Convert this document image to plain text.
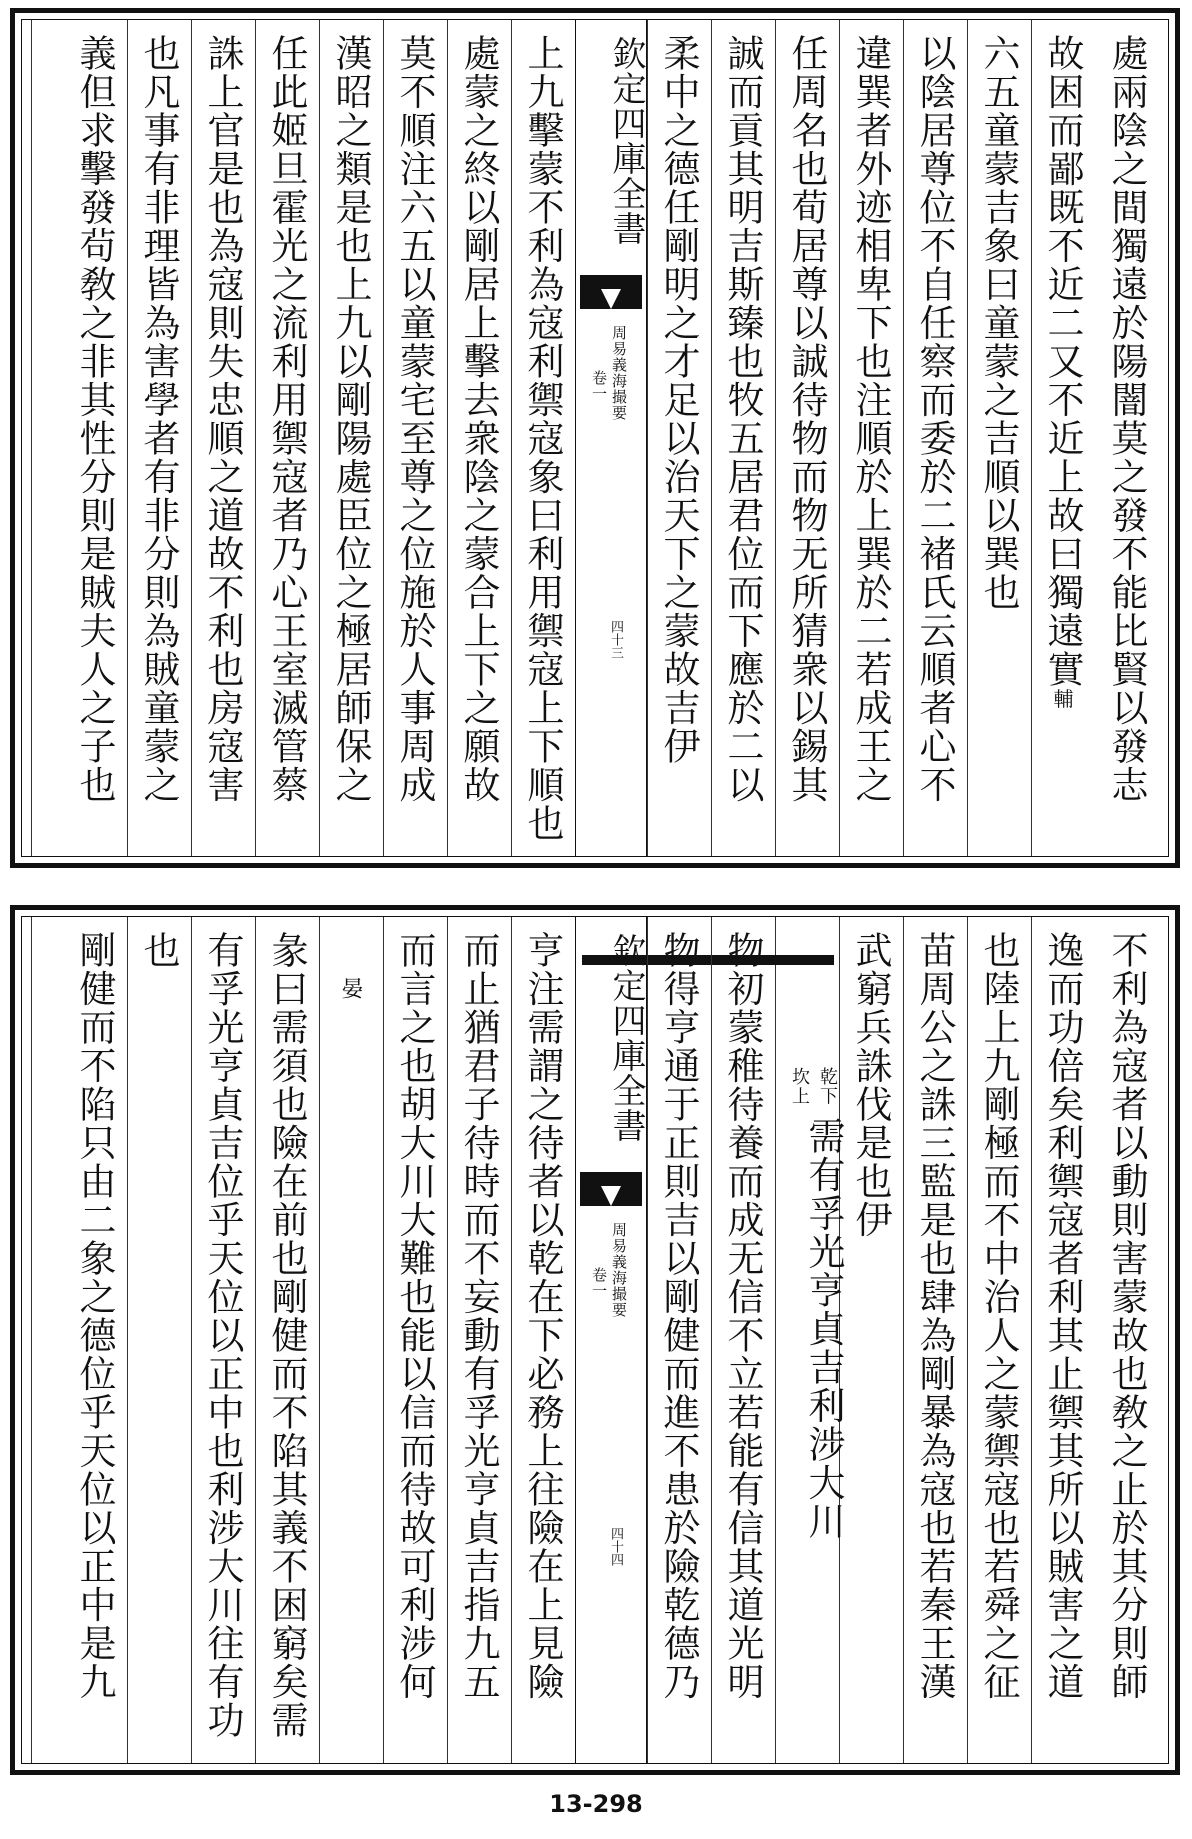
處兩陰之間獨遠於陽闇莫之發不能比賢以發志
故困而鄙既不近二又不近上故曰獨遠實輔
六五童蒙吉象曰童蒙之吉順以巽也
以陰居尊位不自任察而委於二褚氏云順者心不
違巽者外迹相卑下也注順於上巽於二若成王之
任周名也荀居尊以誠待物而物无所猜衆以錫其
誠而貢其明吉斯臻也牧五居君位而下應於二以
柔中之德任剛明之才足以治天下之蒙故吉伊
欽定四庫全書
周易義海撮要
卷一
四十三
上九擊蒙不利為寇利禦寇象曰利用禦寇上下順也
處蒙之終以剛居上擊去衆陰之蒙合上下之願故
莫不順注六五以童蒙宅至尊之位施於人事周成
漢昭之類是也上九以剛陽處臣位之極居師保之
任此姬旦霍光之流利用禦寇者乃心王室滅管蔡
誅上官是也為寇則失忠順之道故不利也房寇害
也凡事有非理皆為害學者有非分則為賊童蒙之
義但求擊發茍敎之非其性分則是賊夫人之子也
不利為寇者以動則害蒙故也敎之止於其分則師
逸而功倍矣利禦寇者利其止禦其所以賊害之道
也陸上九剛極而不中治人之蒙禦寇也若舜之征
苗周公之誅三監是也肆為剛暴為寇也若秦王漢
武窮兵誅伐是也伊
乾下
坎上
需有孚光亨貞吉利涉大川
物初蒙稚待養而成无信不立若能有信其道光明
物得亨通于正則吉以剛健而進不患於險乾德乃
欽定四庫全書
周易義海撮要
卷一
四十四
亨注需謂之待者以乾在下必務上往險在上見險
而止猶君子待時而不妄動有孚光亨貞吉指九五
而言之也胡大川大難也能以信而待故可利涉何
晏
彖曰需須也險在前也剛健而不陷其義不困窮矣需
有孚光亨貞吉位乎天位以正中也利涉大川往有功
也
剛健而不陷只由二象之德位乎天位以正中是九
13-298
